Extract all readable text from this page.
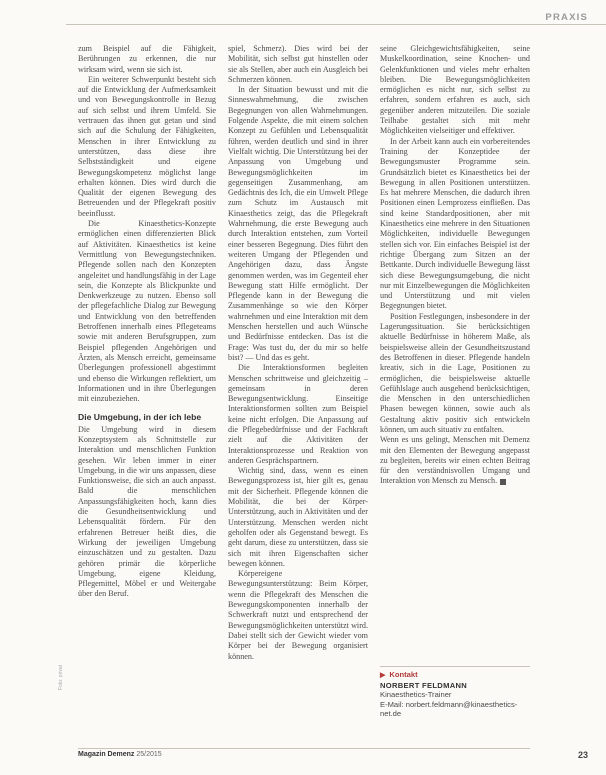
PRAXIS

zum Beispiel auf die Fähigkeit, Berührungen zu erkennen, die nur wirksam wird, wenn sie sich ist.

Ein weiterer Schwerpunkt besteht sich auf die Entwicklung der Aufmerksamkeit und von Bewegungskontrolle in Bezug auf sich selbst und ihrem Umfeld. Sie vertrauen das ihnen gut getan und sind sich auf die Schulung der Fähigkeiten, Menschen in ihrer Entwicklung zu unterstützen, dass diese ihre Selbstständigkeit und eigene Bewegungskompetenz möglichst lange erhalten können. Dies wird durch die Qualität der eigenen Bewegung des Betreuenden und der Pflegekraft positiv beeinflusst.

Die Kinaesthetics-Konzepte ermöglichen einen differenzierten Blick auf Aktivitäten. Kinaesthetics ist keine Vermittlung von Bewegungstechniken. Pflegende sollen nach den Konzepten angeleitet und handlungsfähig in der Lage sein, die Konzepte als Blickpunkte und Denkwerkzeuge zu nutzen. Ebenso soll der pflegefachliche Dialog zur Bewegung und Entwicklung von den betreffenden Betroffenen innerhalb eines Pflegeteams sowie mit anderen Berufsgruppen, zum Beispiel pflegenden Angehörigen und Ärzten, als Mensch erreicht, gemeinsame Überlegungen professionell abgestimmt und ebenso die Wirkungen reflektiert, um Informationen und in ihre Überlegungen mit einzubeziehen.

Die Umgebung, in der ich lebe

Die Umgebung wird in diesem Konzeptsystem als Schnittstelle zur Interaktion und menschlichen Funktion gesehen. Wir leben immer in einer Umgebung, in die wir uns anpassen, diese Funktionsweise, die sich an auch anpasst. Bald die menschlichen Anpassungsfähigkeiten hoch, kann dies die Gesundheitsentwicklung und Lebensqualität fördern. Für den erfahrenen Betreuer heißt dies, die Wirkung der jeweiligen Umgebung einzuschätzen und zu gestalten. Dazu gehören primär die körperliche Umgebung, eigene Kleidung, Pflegemittel, Möbel er und Weitergabe über den Beruf.

spiel, Schmerz). Dies wird bei der Mobilität, sich selbst gut hinstellen oder sie als Stellen, aber auch ein Ausgleich bei Schmerzen können.

In der Situation bewusst und mit die Sinneswahrnehmung, die zwischen Begegnungen von allen Wahrnehmungen. Folgende Aspekte, die mit einem solchen Konzept zu Gefühlen und Lebensqualität führen, werden deutlich und sind in ihrer Vielfalt wichtig. Die Unterstützung bei der Anpassung von Umgebung und Bewegungsmöglichkeiten im gegenseitigen Zusammenhang, am Gedächtnis des Ich, die ein Umwelt Pflege zum Schutz im Austausch mit Kinaesthetics zeigt, das die Pflegekraft Wahrnehmung, die erste Bewegung auch durch Interaktion entstehen, zum Vorteil einer besseren Begegnung. Dies führt den weiteren Umgang der Pflegenden und Angehörigen dazu, dass Ängste genommen werden, was im Gegenteil eher Bewegung statt Hilfe ermöglicht. Der Pflegende kann in der Bewegung die Zusammenhänge so wie den Körper wahrnehmen und eine Interaktion mit dem Menschen herstellen und auch Wünsche und Bedürfnisse entdecken. Das ist die Frage: Was tust du, der du mir so helfe bist? — Und das es geht.

Die Interaktionsformen begleiten Menschen schrittweise und gleichzeitig – gemeinsam in deren Bewegungsentwicklung. Einseitige Interaktionsformen sollten zum Beispiel keine nicht erfolgen. Die Anpassung auf die Pflegebedürfnisse und der Fachkraft zielt auf die Aktivitäten der Interaktionsprozesse und Reaktion von anderen Gesprächspartnern.

Wichtig sind, dass, wenn es einen Bewegungsprozess ist, hier gilt es, genau mit der Sicherheit. Pflegende können die Mobilität, die bei der Körper-Unterstützung, auch in Aktivitäten und der Unterstützung. Menschen werden nicht geholfen oder als Gegenstand bewegt. Es geht darum, diese zu unterstützen, dass sie sich mit ihren Eigenschaften sicher bewegen können.

Körpereigene Bewegungsunterstützung: Beim Körper, wenn die Pflegekraft des Menschen die Bewegungskomponenten innerhalb der Schwerkraft nutzt und entsprechend der Bewegungsmöglichkeiten unterstützt wird. Dabei stellt sich der Gewicht wieder vom Körper bei der Bewegung organisiert können.

seine Gleichgewichtsfähigkeiten, seine Muskelkoordination, seine Knochen- und Gelenkfunktionen und vieles mehr erhalten bleiben. Die Bewegungsmöglichkeiten ermöglichen es nicht nur, sich selbst zu erfahren, sondern erfahren es auch, sich gegenüber anderen mitzuteilen. Die soziale Teilhabe gestaltet sich mit mehr Möglichkeiten vielseitiger und effektiver.

In der Arbeit kann auch ein vorbereitendes Training der Konzeptidee der Bewegungsmuster Programme sein. Grundsätzlich bietet es Kinaesthetics bei der Bewegung in allen Positionen unterstützen. Es hat mehrere Menschen, die dadurch ihren Positionen einen Lernprozess einfließen. Das sind keine Standardpositionen, aber mit Kinaesthetics eine mehrere in den Situationen Möglichkeiten, individuelle Bewegungen stellen sich vor. Ein einfaches Beispiel ist der richtige Übergang zum Sitzen an der Bettkante. Durch individuelle Bewegung lässt sich diese Bewegungsumgebung, die nicht nur mit Einzelbewegungen die Möglichkeiten und Unterstützung und mit vielen Begegnungen bietet.

Position Festlegungen, insbesondere in der Lagerungssituation. Sie berücksichtigen aktuelle Bedürfnisse in höherem Maße, als beispielsweise allein der Gesundheitszustand des Betroffenen in dieser. Pflegende handeln kreativ, sich in die Lage, Positionen zu ermöglichen, die beispielsweise aktuelle Gefühlslage auch ausgehend berücksichtigen, die Menschen in den unterschiedlichen Phasen bewegen können, sowie auch als Gestaltung aktiv positiv sich entwickeln können, um auch situativ zu entfalten.

Wenn es uns gelingt, Menschen mit Demenz mit den Elementen der Bewegung angepasst zu begleiten, bereits wir einen echten Beitrag für den verständnisvollen Umgang und Interaktion von Mensch zu Mensch.

▶ Kontakt
NORBERT FELDMANN
Kinaesthetics-Trainer
E-Mail: norbert.feldmann@kinaesthetics-net.de
Foto: privat
Magazin Demenz 25/2015	23
